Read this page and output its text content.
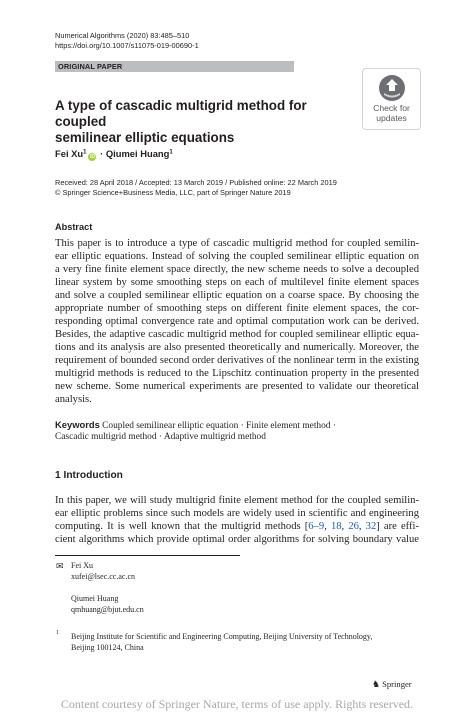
Numerical Algorithms (2020) 83:485–510
https://doi.org/10.1007/s11075-019-00690-1
ORIGINAL PAPER
Check for
updates
A type of cascadic multigrid method for coupled
semilinear elliptic equations
Fei $Xu^1iD$ · Qiumei Huang$^1$
Received: 28 April 2018 / Accepted: 13 March 2019 / Published online: 22 March 2019
© Springer Science+Business Media, LLC, part of Springer Nature 2019
Abstract
This paper is to introduce a type of cascadic multigrid method for coupled semilin-
ear elliptic equations. Instead of solving the coupled semilinear elliptic equation on
a very fine finite element space directly, the new scheme needs to solve a decoupled
linear system by some smoothing steps on each of multilevel finite element spaces
and solve a coupled semilinear elliptic equation on a coarse space. By choosing the
appropriate number of smoothing steps on different finite element spaces, the cor-
responding optimal convergence rate and optimal computation work can be derived.
Besides, the adaptive cascadic multigrid method for coupled semilinear elliptic equa-
tions and its analysis are also presented theoretically and numerically. Moreover, the
requirement of bounded second order derivatives of the nonlinear term in the existing
multigrid methods is reduced to the Lipschitz continuation property in the presented
new scheme. Some numerical experiments are presented to validate our theoretical
analysis.
Keywords Coupled semilinear elliptic equation · Finite element method ·
Cascadic multigrid method · Adaptive multigrid method
1 Introduction
In this paper, we will study multigrid finite element method for the coupled semilin-
ear elliptic problems since such models are widely used in scientific and engineering
computing. It is well known that the multigrid methods [6–9, 18, 26, 32] are effi-
cient algorithms which provide optimal order algorithms for solving boundary value
✉ Fei Xu
xufei@lsec.cc.ac.cn
Qiumei Huang
qmhuang@bjut.edu.cn
1 Beijing Institute for Scientific and Engineering Computing, Beijing University of Technology,
Beijing 100124, China
♞ Springer
Content courtesy of Springer Nature, terms of use apply. Rights reserved.
